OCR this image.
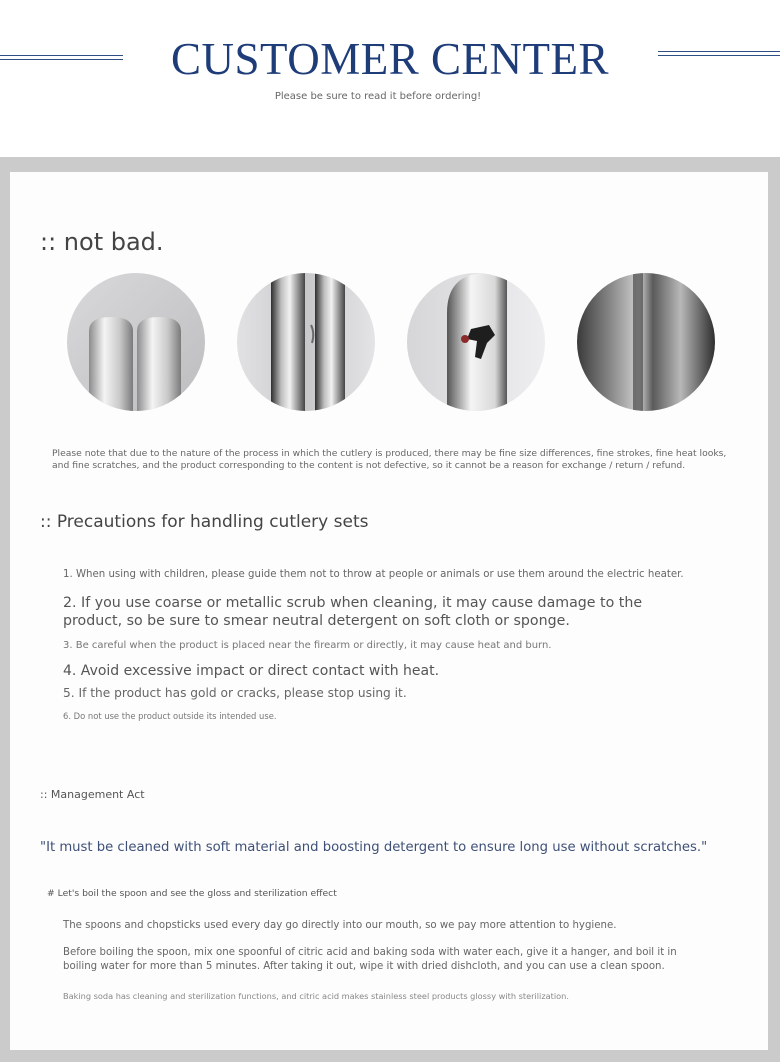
CUSTOMER CENTER
Please be sure to read it before ordering!
:: not bad.
Please note that due to the nature of the process in which the cutlery is produced, there may be fine size differences, fine strokes, fine heat looks,
and fine scratches, and the product corresponding to the content is not defective, so it cannot be a reason for exchange / return / refund.
:: Precautions for handling cutlery sets
1. When using with children, please guide them not to throw at people or animals or use them around the electric heater.
2. If you use coarse or metallic scrub when cleaning, it may cause damage to the
product, so be sure to smear neutral detergent on soft cloth or sponge.
3. Be careful when the product is placed near the firearm or directly, it may cause heat and burn.
4. Avoid excessive impact or direct contact with heat.
5. If the product has gold or cracks, please stop using it.
6. Do not use the product outside its intended use.
:: Management Act
"It must be cleaned with soft material and boosting detergent to ensure long use without scratches."
# Let's boil the spoon and see the gloss and sterilization effect
The spoons and chopsticks used every day go directly into our mouth, so we pay more attention to hygiene.
Before boiling the spoon, mix one spoonful of citric acid and baking soda with water each, give it a hanger, and boil it in
boiling water for more than 5 minutes. After taking it out, wipe it with dried dishcloth, and you can use a clean spoon.
Baking soda has cleaning and sterilization functions, and citric acid makes stainless steel products glossy with sterilization.
